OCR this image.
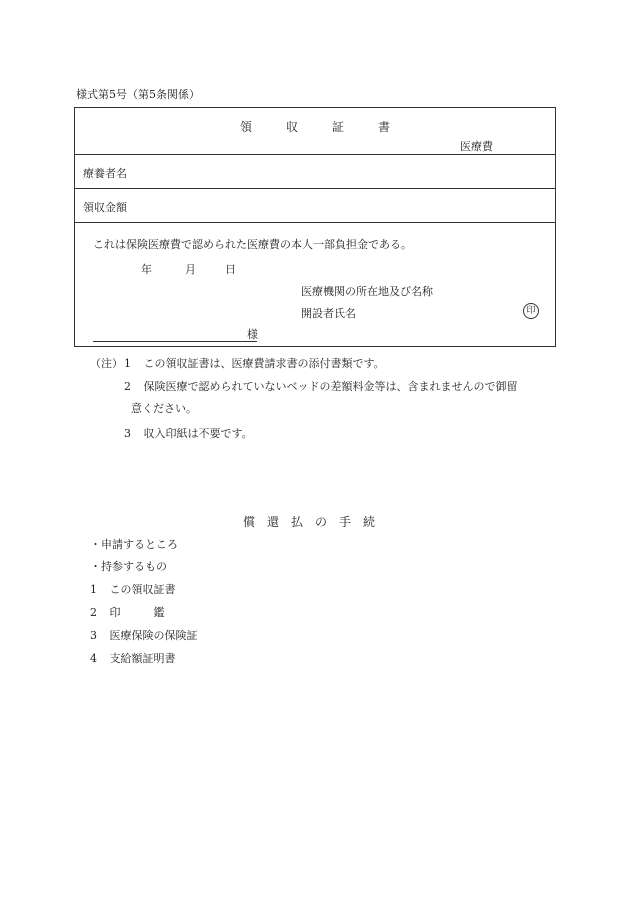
様式第5号（第5条関係）
領収証書
医療費
療養者名
領収金額
これは保険医療費で認められた医療費の本人一部負担金である。
年	月	日
医療機関の所在地及び名称
開設者氏名	印
様
（注） 1 この領収証書は、医療費請求書の添付書類です。
2 保険医療で認められていないベッドの差額料金等は、含まれませんので御留
意ください。
3 収入印紙は不要です。
償還払の手続
・申請するところ
・持参するもの
1 この領収証書
2 印　　　鑑
3 医療保険の保険証
4 支給額証明書
